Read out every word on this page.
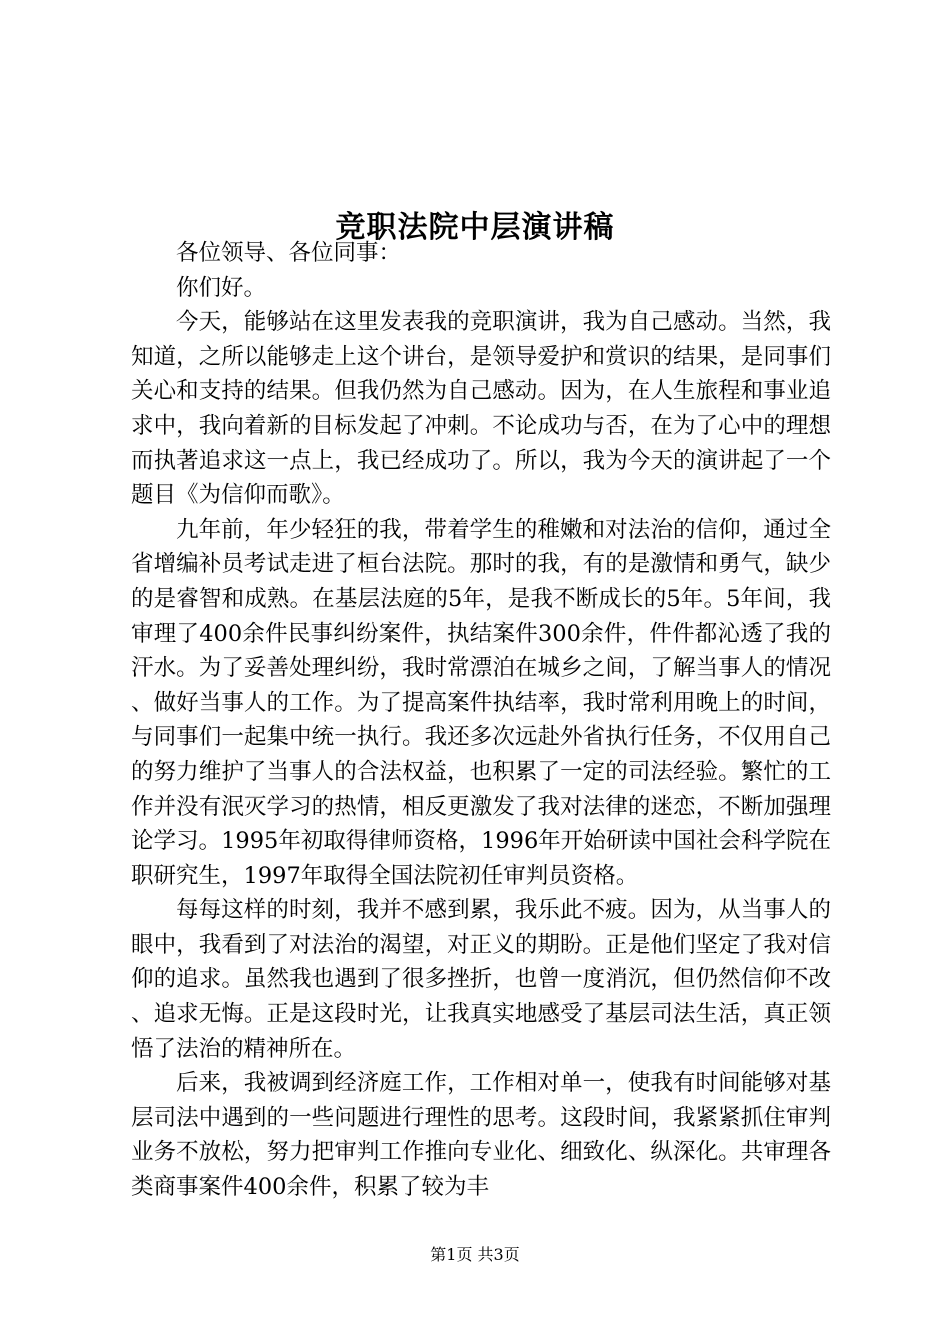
竞职法院中层演讲稿

各位领导、各位同事：

你们好。

今天，能够站在这里发表我的竞职演讲，我为自己感动。当然，我知道，之所以能够走上这个讲台，是领导爱护和赏识的结果，是同事们关心和支持的结果。但我仍然为自己感动。因为，在人生旅程和事业追求中，我向着新的目标发起了冲刺。不论成功与否，在为了心中的理想而执著追求这一点上，我已经成功了。所以，我为今天的演讲起了一个题目《为信仰而歌》。

九年前，年少轻狂的我，带着学生的稚嫩和对法治的信仰，通过全省增编补员考试走进了桓台法院。那时的我，有的是激情和勇气，缺少的是睿智和成熟。在基层法庭的5年，是我不断成长的5年。5年间，我审理了400余件民事纠纷案件，执结案件300余件，件件都沁透了我的汗水。为了妥善处理纠纷，我时常漂泊在城乡之间，了解当事人的情况、做好当事人的工作。为了提高案件执结率，我时常利用晚上的时间，与同事们一起集中统一执行。我还多次远赴外省执行任务，不仅用自己的努力维护了当事人的合法权益，也积累了一定的司法经验。繁忙的工作并没有泯灭学习的热情，相反更激发了我对法律的迷恋，不断加强理论学习。1995年初取得律师资格，1996年开始研读中国社会科学院在职研究生，1997年取得全国法院初任审判员资格。

每每这样的时刻，我并不感到累，我乐此不疲。因为，从当事人的眼中，我看到了对法治的渴望，对正义的期盼。正是他们坚定了我对信仰的追求。虽然我也遇到了很多挫折，也曾一度消沉，但仍然信仰不改、追求无悔。正是这段时光，让我真实地感受了基层司法生活，真正领悟了法治的精神所在。

后来，我被调到经济庭工作，工作相对单一，使我有时间能够对基层司法中遇到的一些问题进行理性的思考。这段时间，我紧紧抓住审判业务不放松，努力把审判工作推向专业化、细致化、纵深化。共审理各类商事案件400余件，积累了较为丰

第1页 共3页
